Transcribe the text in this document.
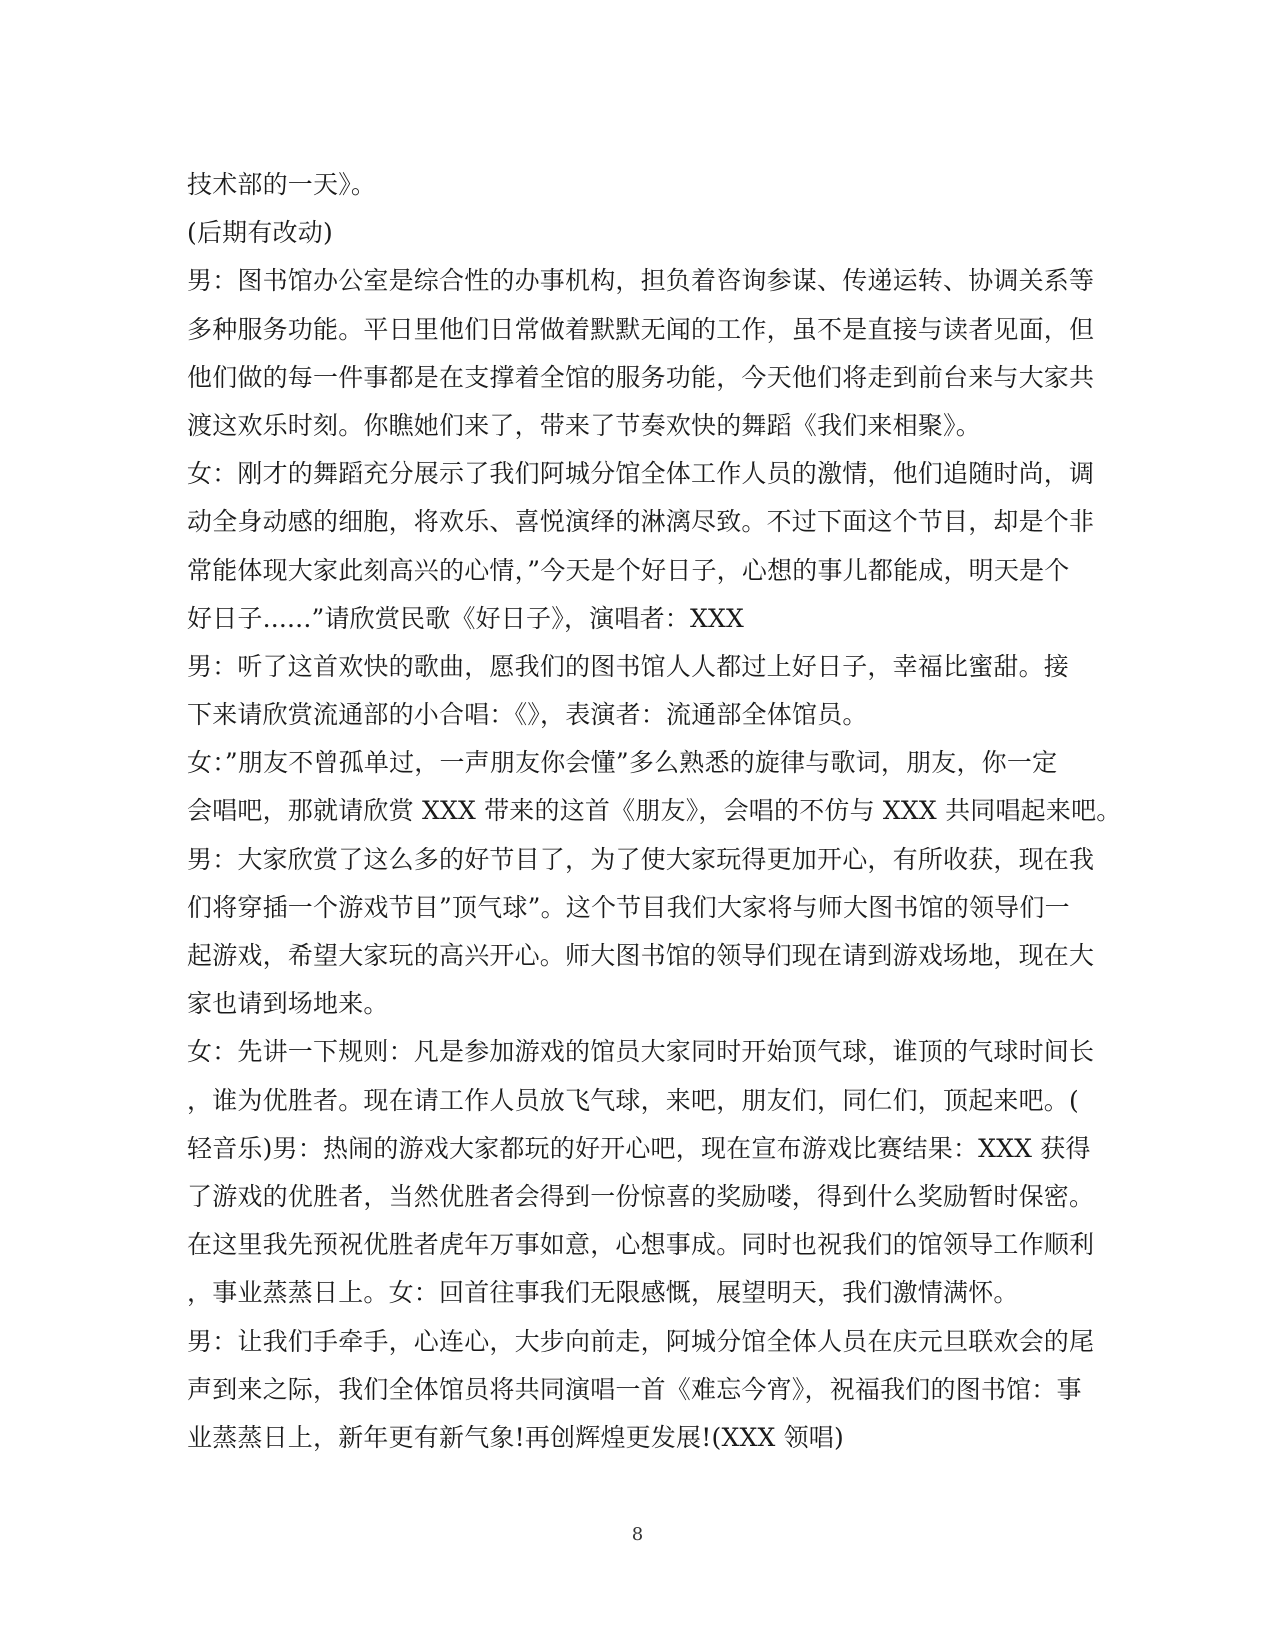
技术部的一天》。
(后期有改动)
男：图书馆办公室是综合性的办事机构，担负着咨询参谋、传递运转、协调关系等
多种服务功能。平日里他们日常做着默默无闻的工作，虽不是直接与读者见面，但
他们做的每一件事都是在支撑着全馆的服务功能，今天他们将走到前台来与大家共
渡这欢乐时刻。你瞧她们来了，带来了节奏欢快的舞蹈《我们来相聚》。
女：刚才的舞蹈充分展示了我们阿城分馆全体工作人员的激情，他们追随时尚，调
动全身动感的细胞，将欢乐、喜悦演绎的淋漓尽致。不过下面这个节目，却是个非
常能体现大家此刻高兴的心情，”今天是个好日子，心想的事儿都能成，明天是个
好日子......”请欣赏民歌《好日子》，演唱者：XXX
男：听了这首欢快的歌曲，愿我们的图书馆人人都过上好日子，幸福比蜜甜。接
下来请欣赏流通部的小合唱：《》，表演者：流通部全体馆员。
女：”朋友不曾孤单过，一声朋友你会懂”多么熟悉的旋律与歌词，朋友，你一定
会唱吧，那就请欣赏 XXX 带来的这首《朋友》，会唱的不仿与 XXX 共同唱起来吧。
男：大家欣赏了这么多的好节目了，为了使大家玩得更加开心，有所收获，现在我
们将穿插一个游戏节目”顶气球”。这个节目我们大家将与师大图书馆的领导们一
起游戏，希望大家玩的高兴开心。师大图书馆的领导们现在请到游戏场地，现在大
家也请到场地来。
女：先讲一下规则：凡是参加游戏的馆员大家同时开始顶气球，谁顶的气球时间长
，谁为优胜者。现在请工作人员放飞气球，来吧，朋友们，同仁们，顶起来吧。(
轻音乐)男：热闹的游戏大家都玩的好开心吧，现在宣布游戏比赛结果：XXX 获得
了游戏的优胜者，当然优胜者会得到一份惊喜的奖励喽，得到什么奖励暂时保密。
在这里我先预祝优胜者虎年万事如意，心想事成。同时也祝我们的馆领导工作顺利
，事业蒸蒸日上。女：回首往事我们无限感慨，展望明天，我们激情满怀。
男：让我们手牵手，心连心，大步向前走，阿城分馆全体人员在庆元旦联欢会的尾
声到来之际，我们全体馆员将共同演唱一首《难忘今宵》，祝福我们的图书馆：事
业蒸蒸日上，新年更有新气象!再创辉煌更发展!(XXX 领唱)
8
